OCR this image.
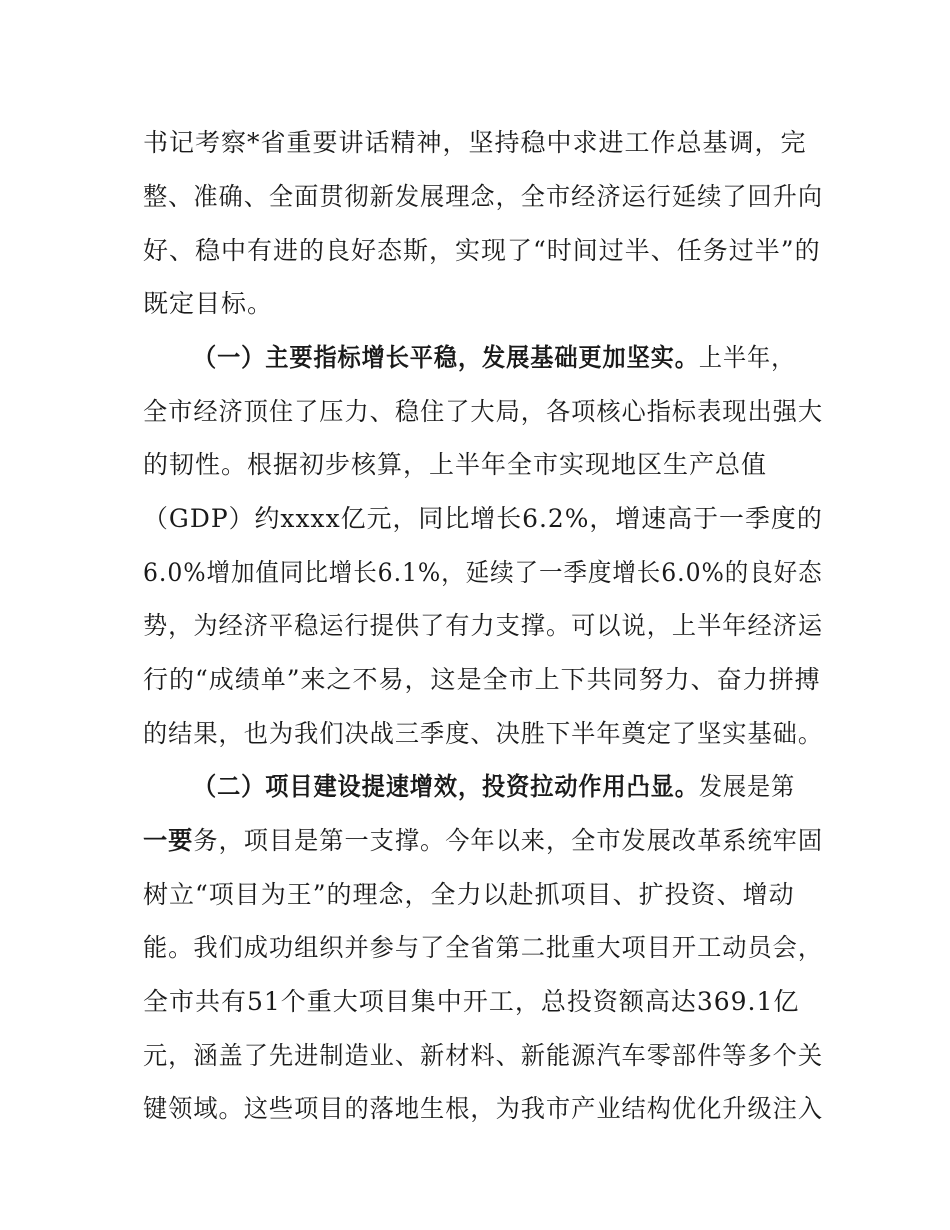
书记考察*省重要讲话精神，坚持稳中求进工作总基调，完
整、准确、全面贯彻新发展理念，全市经济运行延续了回升向
好、稳中有进的良好态斯，实现了“时间过半、任务过半”的
既定目标。
（一）主要指标增长平稳，发展基础更加坚实。上半年，
全市经济顶住了压力、稳住了大局，各项核心指标表现出强大
的韧性。根据初步核算，上半年全市实现地区生产总值
（GDP）约xxxx亿元，同比增长6.2%，增速高于一季度的
6.0%增加值同比增长6.1%，延续了一季度增长6.0%的良好态
势，为经济平稳运行提供了有力支撑。可以说，上半年经济运
行的“成绩单”来之不易，这是全市上下共同努力、奋力拼搏
的结果，也为我们决战三季度、决胜下半年奠定了坚实基础。
（二）项目建设提速增效，投资拉动作用凸显。发展是第
一要务，项目是第一支撑。今年以来，全市发展改革系统牢固
树立“项目为王”的理念，全力以赴抓项目、扩投资、增动
能。我们成功组织并参与了全省第二批重大项目开工动员会，
全市共有51个重大项目集中开工，总投资额高达369.1亿
元，涵盖了先进制造业、新材料、新能源汽车零部件等多个关
键领域。这些项目的落地生根，为我市产业结构优化升级注入
